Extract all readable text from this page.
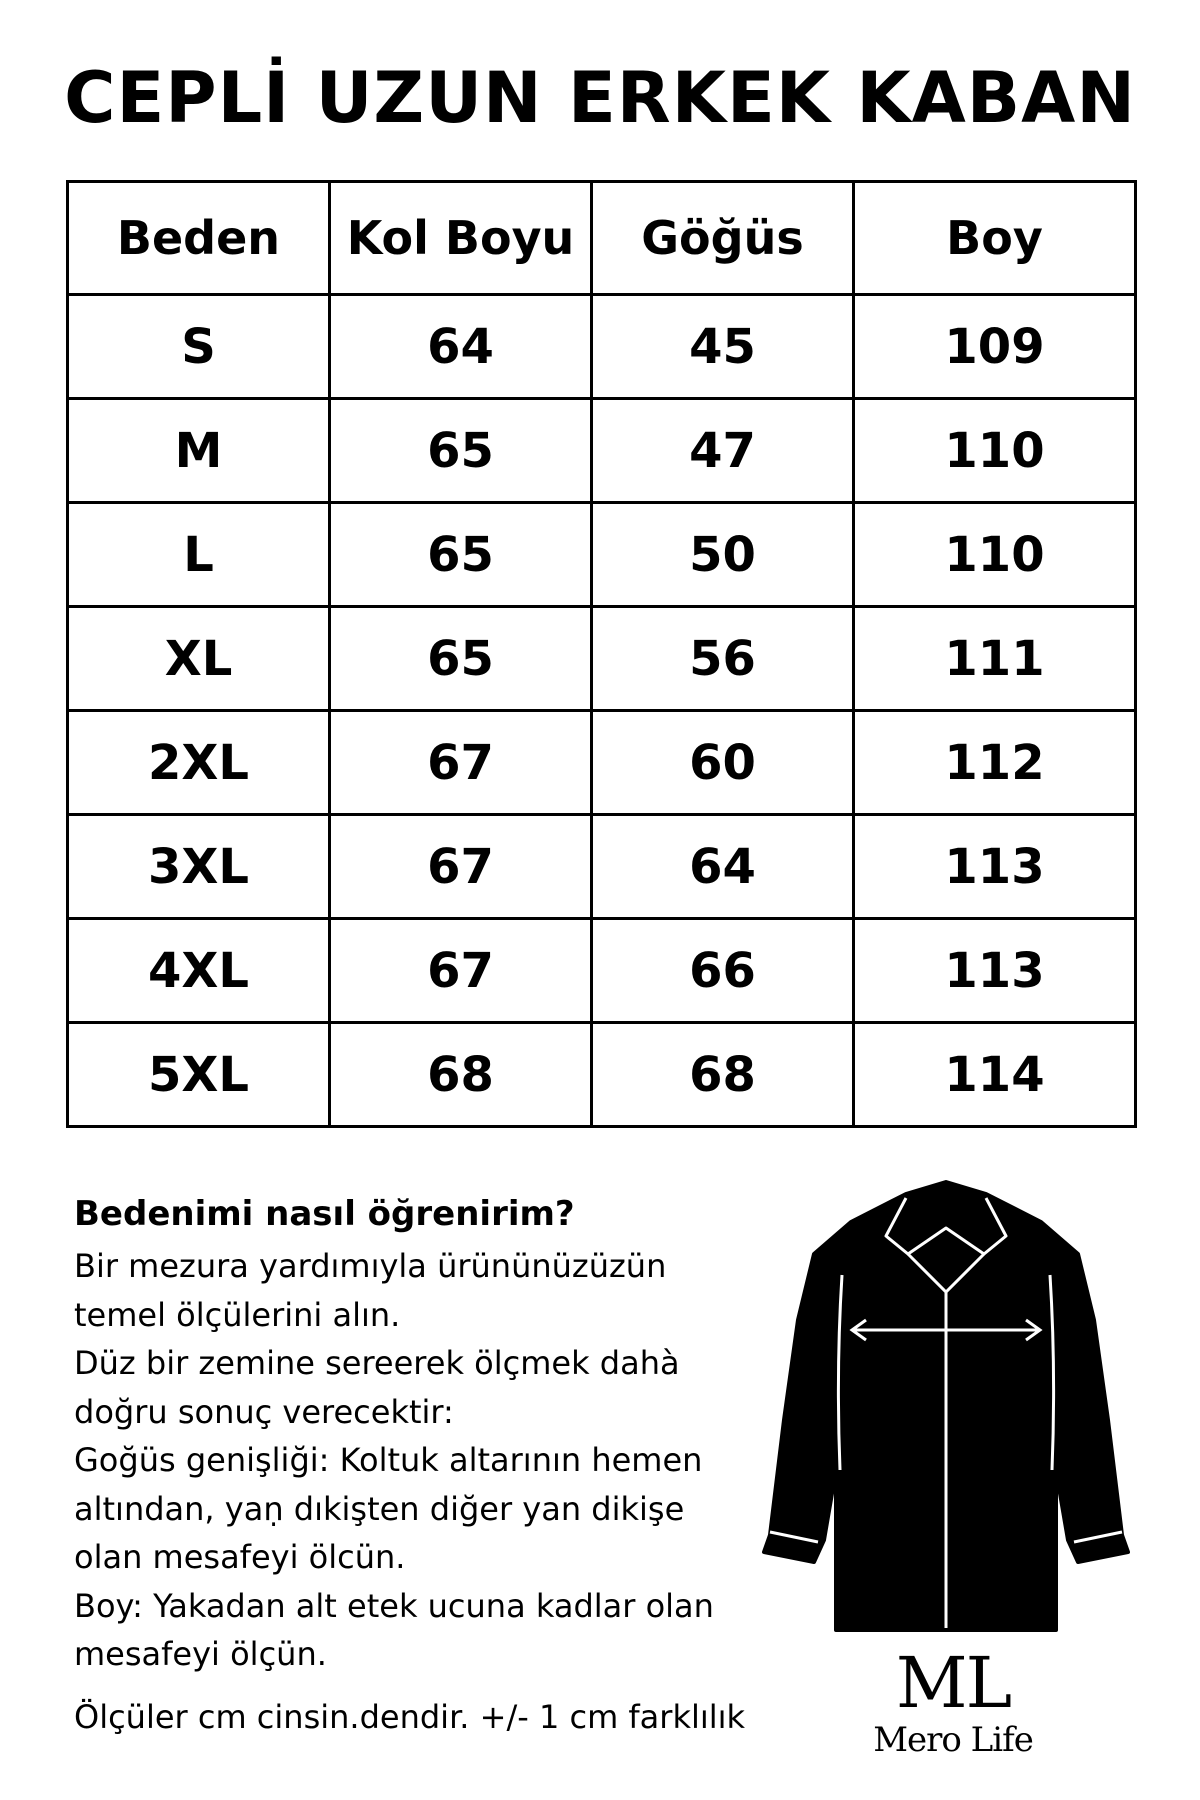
CEPLİ UZUN ERKEK KABAN
Beden	Kol Boyu	Göğüs	Boy
S	64	45	109
M	65	47	110
L	65	50	110
XL	65	56	111
2XL	67	60	112
3XL	67	64	113
4XL	67	66	113
5XL	68	68	114
Bedenimi nasıl öğrenirim?
Bir mezura yardımıyla ürününüzüzün
temel ölçülerini alın.
Düz bir zemine sereerek ölçmek dahà
doğru sonuç verecektir:
Goğüs genişliği: Koltuk altarının hemen
altından, yaṇ dıkişten diğer yan dikişe
olan mesafeyi ölcün.
Boy: Yakadan alt etek ucuna kadlar olan
mesafeyi ölçün.
Ölçüler cm cinsin.dendir. +/- 1 cm farklılık	ML
Mero Life
